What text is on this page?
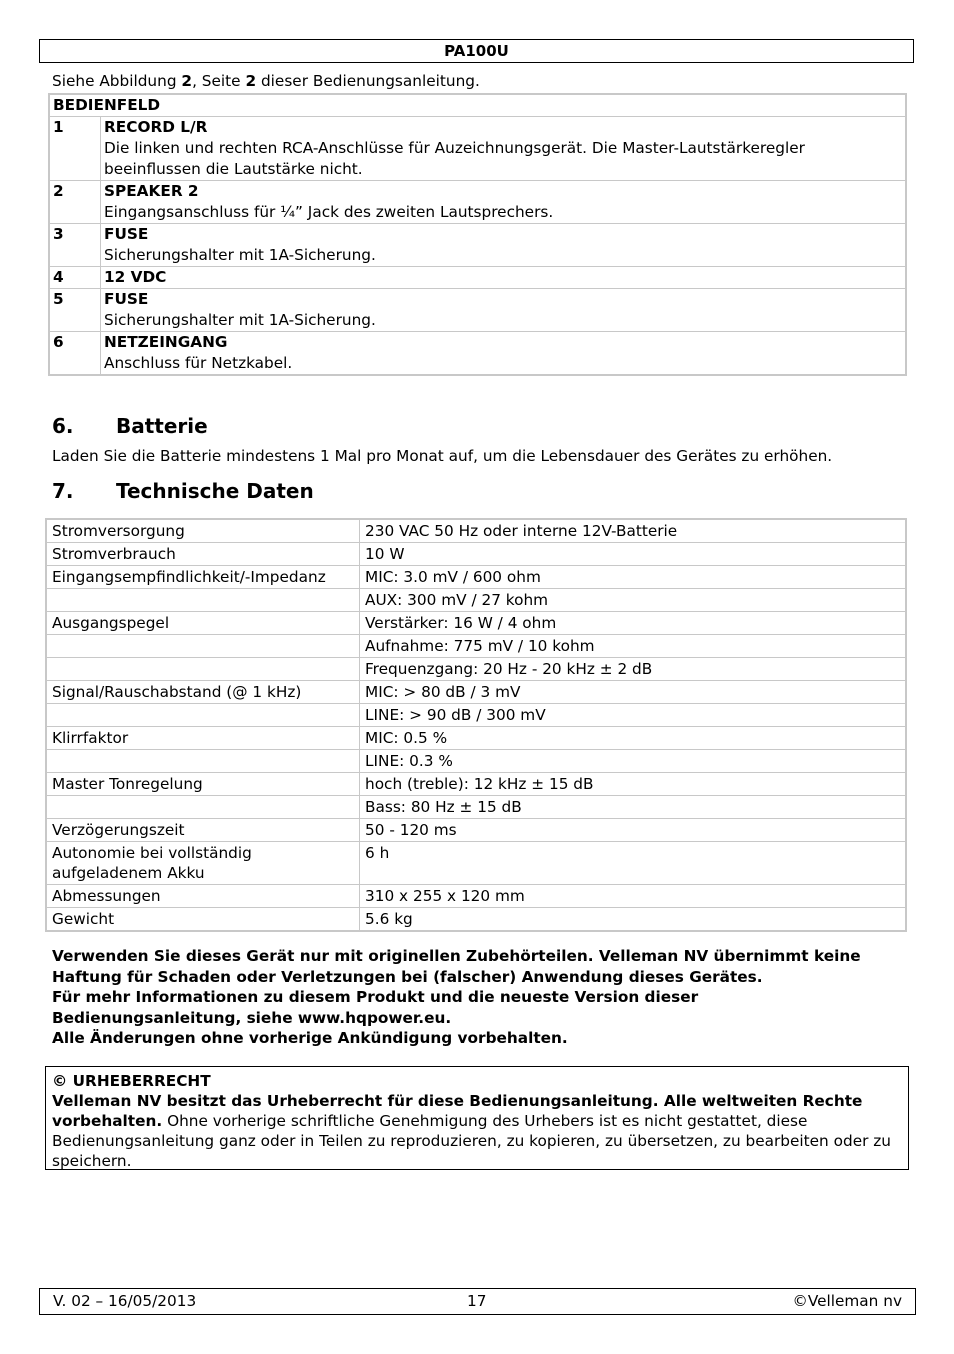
PA100U
Siehe Abbildung 2, Seite 2 dieser Bedienungsanleitung.
BEDIENFELD	
1	RECORD L/R
Die linken und rechten RCA-Anschlüsse für Auzeichnungsgerät. Die Master-Lautstärkeregler beeinflussen die Lautstärke nicht.
2	SPEAKER 2
Eingangsanschluss für ¼” Jack des zweiten Lautsprechers.
3	FUSE
Sicherungshalter mit 1A-Sicherung.
4	12 VDC

5	FUSE
Sicherungshalter mit 1A-Sicherung.
6	NETZEINGANG
Anschluss für Netzkabel.
6. Batterie
Laden Sie die Batterie mindestens 1 Mal pro Monat auf, um die Lebensdauer des Gerätes zu erhöhen.
7. Technische Daten
Stromversorgung	230 VAC 50 Hz oder interne 12V-Batterie
Stromverbrauch	10 W
Eingangsempfindlichkeit/-Impedanz	MIC: 3.0 mV / 600 ohm
	AUX: 300 mV / 27 kohm
Ausgangspegel	Verstärker: 16 W / 4 ohm
	Aufnahme: 775 mV / 10 kohm
	Frequenzgang: 20 Hz - 20 kHz ± 2 dB
Signal/Rauschabstand (@ 1 kHz)	MIC: > 80 dB / 3 mV
	LINE: > 90 dB / 300 mV
Klirrfaktor	MIC: 0.5 %
	LINE: 0.3 %
Master Tonregelung	hoch (treble): 12 kHz ± 15 dB
	Bass: 80 Hz ± 15 dB
Verzögerungszeit	50 - 120 ms
Autonomie bei vollständig aufgeladenem Akku	6 h
Abmessungen	310 x 255 x 120 mm
Gewicht	5.6 kg
Verwenden Sie dieses Gerät nur mit originellen Zubehörteilen. Velleman NV übernimmt keine
Haftung für Schaden oder Verletzungen bei (falscher) Anwendung dieses Gerätes.
Für mehr Informationen zu diesem Produkt und die neueste Version dieser
Bedienungsanleitung, siehe www.hqpower.eu.
Alle Änderungen ohne vorherige Ankündigung vorbehalten.
© URHEBERRECHT
Velleman NV besitzt das Urheberrecht für diese Bedienungsanleitung. Alle weltweiten Rechte vorbehalten. Ohne vorherige schriftliche Genehmigung des Urhebers ist es nicht gestattet, diese Bedienungsanleitung ganz oder in Teilen zu reproduzieren, zu kopieren, zu übersetzen, zu bearbeiten oder zu speichern.
V. 02 – 16/05/2013	17	©Velleman nv
